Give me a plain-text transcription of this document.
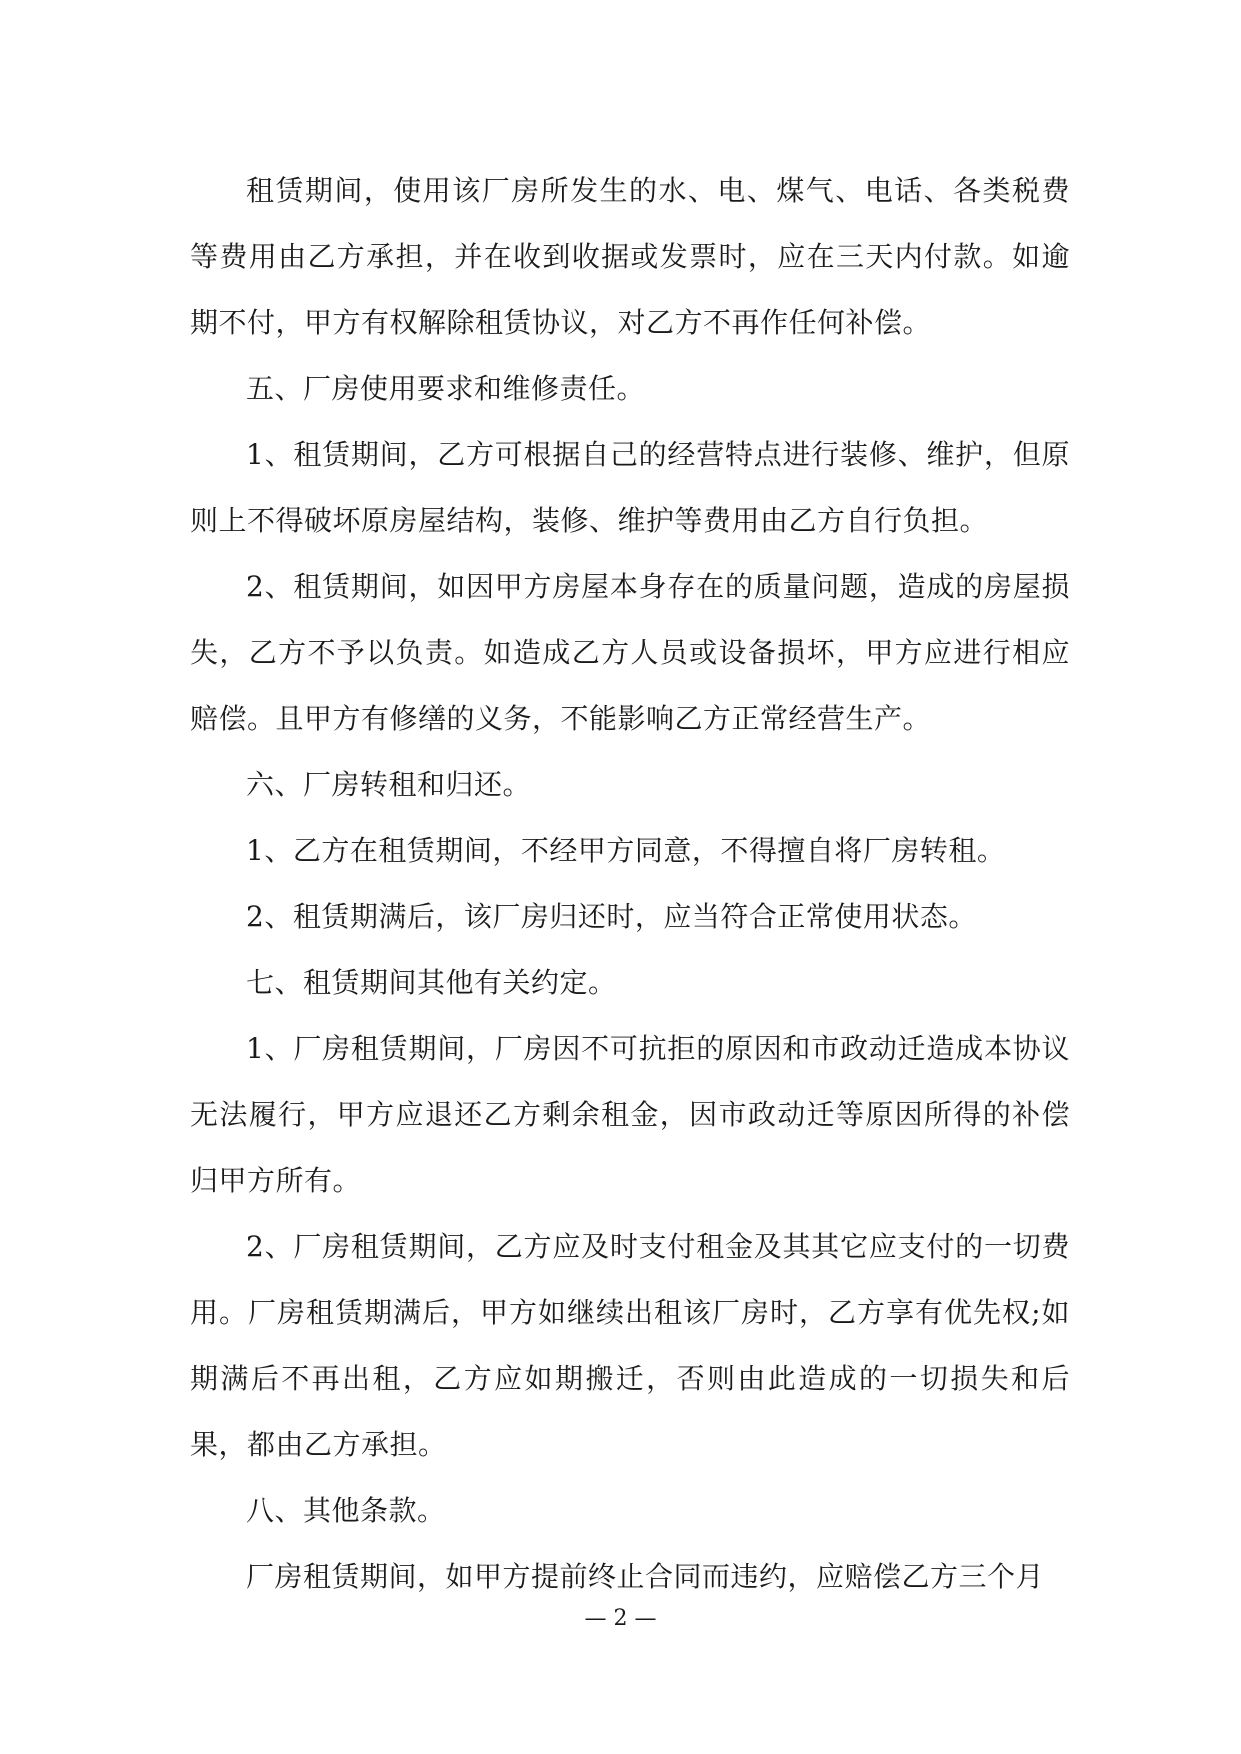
租赁期间，使用该厂房所发生的水、电、煤气、电话、各类税费等费用由乙方承担，并在收到收据或发票时，应在三天内付款。如逾期不付，甲方有权解除租赁协议，对乙方不再作任何补偿。

五、厂房使用要求和维修责任。

1、租赁期间，乙方可根据自己的经营特点进行装修、维护，但原则上不得破坏原房屋结构，装修、维护等费用由乙方自行负担。

2、租赁期间，如因甲方房屋本身存在的质量问题，造成的房屋损失，乙方不予以负责。如造成乙方人员或设备损坏，甲方应进行相应赔偿。且甲方有修缮的义务，不能影响乙方正常经营生产。

六、厂房转租和归还。

1、乙方在租赁期间，不经甲方同意，不得擅自将厂房转租。

2、租赁期满后，该厂房归还时，应当符合正常使用状态。

七、租赁期间其他有关约定。

1、厂房租赁期间，厂房因不可抗拒的原因和市政动迁造成本协议无法履行，甲方应退还乙方剩余租金，因市政动迁等原因所得的补偿归甲方所有。

2、厂房租赁期间，乙方应及时支付租金及其其它应支付的一切费用。厂房租赁期满后，甲方如继续出租该厂房时，乙方享有优先权;如期满后不再出租，乙方应如期搬迁，否则由此造成的一切损失和后果，都由乙方承担。

八、其他条款。

厂房租赁期间，如甲方提前终止合同而违约，应赔偿乙方三个月

— 2 —
